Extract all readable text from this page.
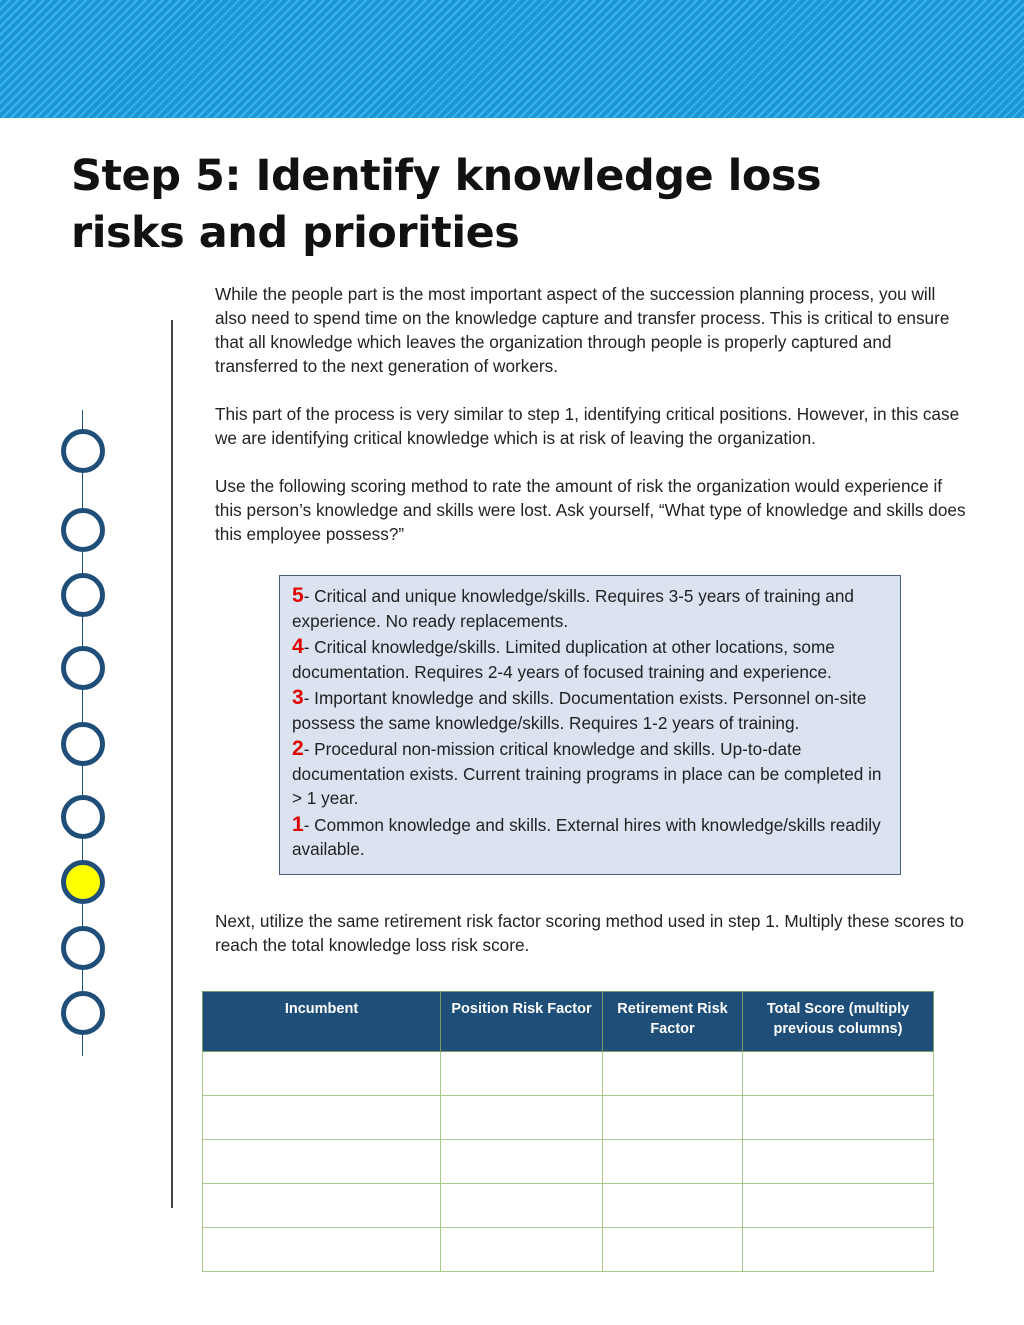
Step 5: Identify knowledge loss risks and priorities

While the people part is the most important aspect of the succession planning process, you will also need to spend time on the knowledge capture and transfer process. This is critical to ensure that all knowledge which leaves the organization through people is properly captured and transferred to the next generation of workers.

This part of the process is very similar to step 1, identifying critical positions. However, in this case we are identifying critical knowledge which is at risk of leaving the organization.

Use the following scoring method to rate the amount of risk the organization would experience if this person’s knowledge and skills were lost. Ask yourself, “What type of knowledge and skills does this employee possess?”

5- Critical and unique knowledge/skills. Requires 3-5 years of training and experience. No ready replacements.
4- Critical knowledge/skills. Limited duplication at other locations, some documentation. Requires 2-4 years of focused training and experience.
3- Important knowledge and skills. Documentation exists. Personnel on-site possess the same knowledge/skills. Requires 1-2 years of training.
2- Procedural non-mission critical knowledge and skills. Up-to-date documentation exists. Current training programs in place can be completed in > 1 year.
1- Common knowledge and skills. External hires with knowledge/skills readily available.

Next, utilize the same retirement risk factor scoring method used in step 1. Multiply these scores to reach the total knowledge loss risk score.

Incumbent	Position Risk Factor	Retirement Risk Factor	Total Score (multiply previous columns)
